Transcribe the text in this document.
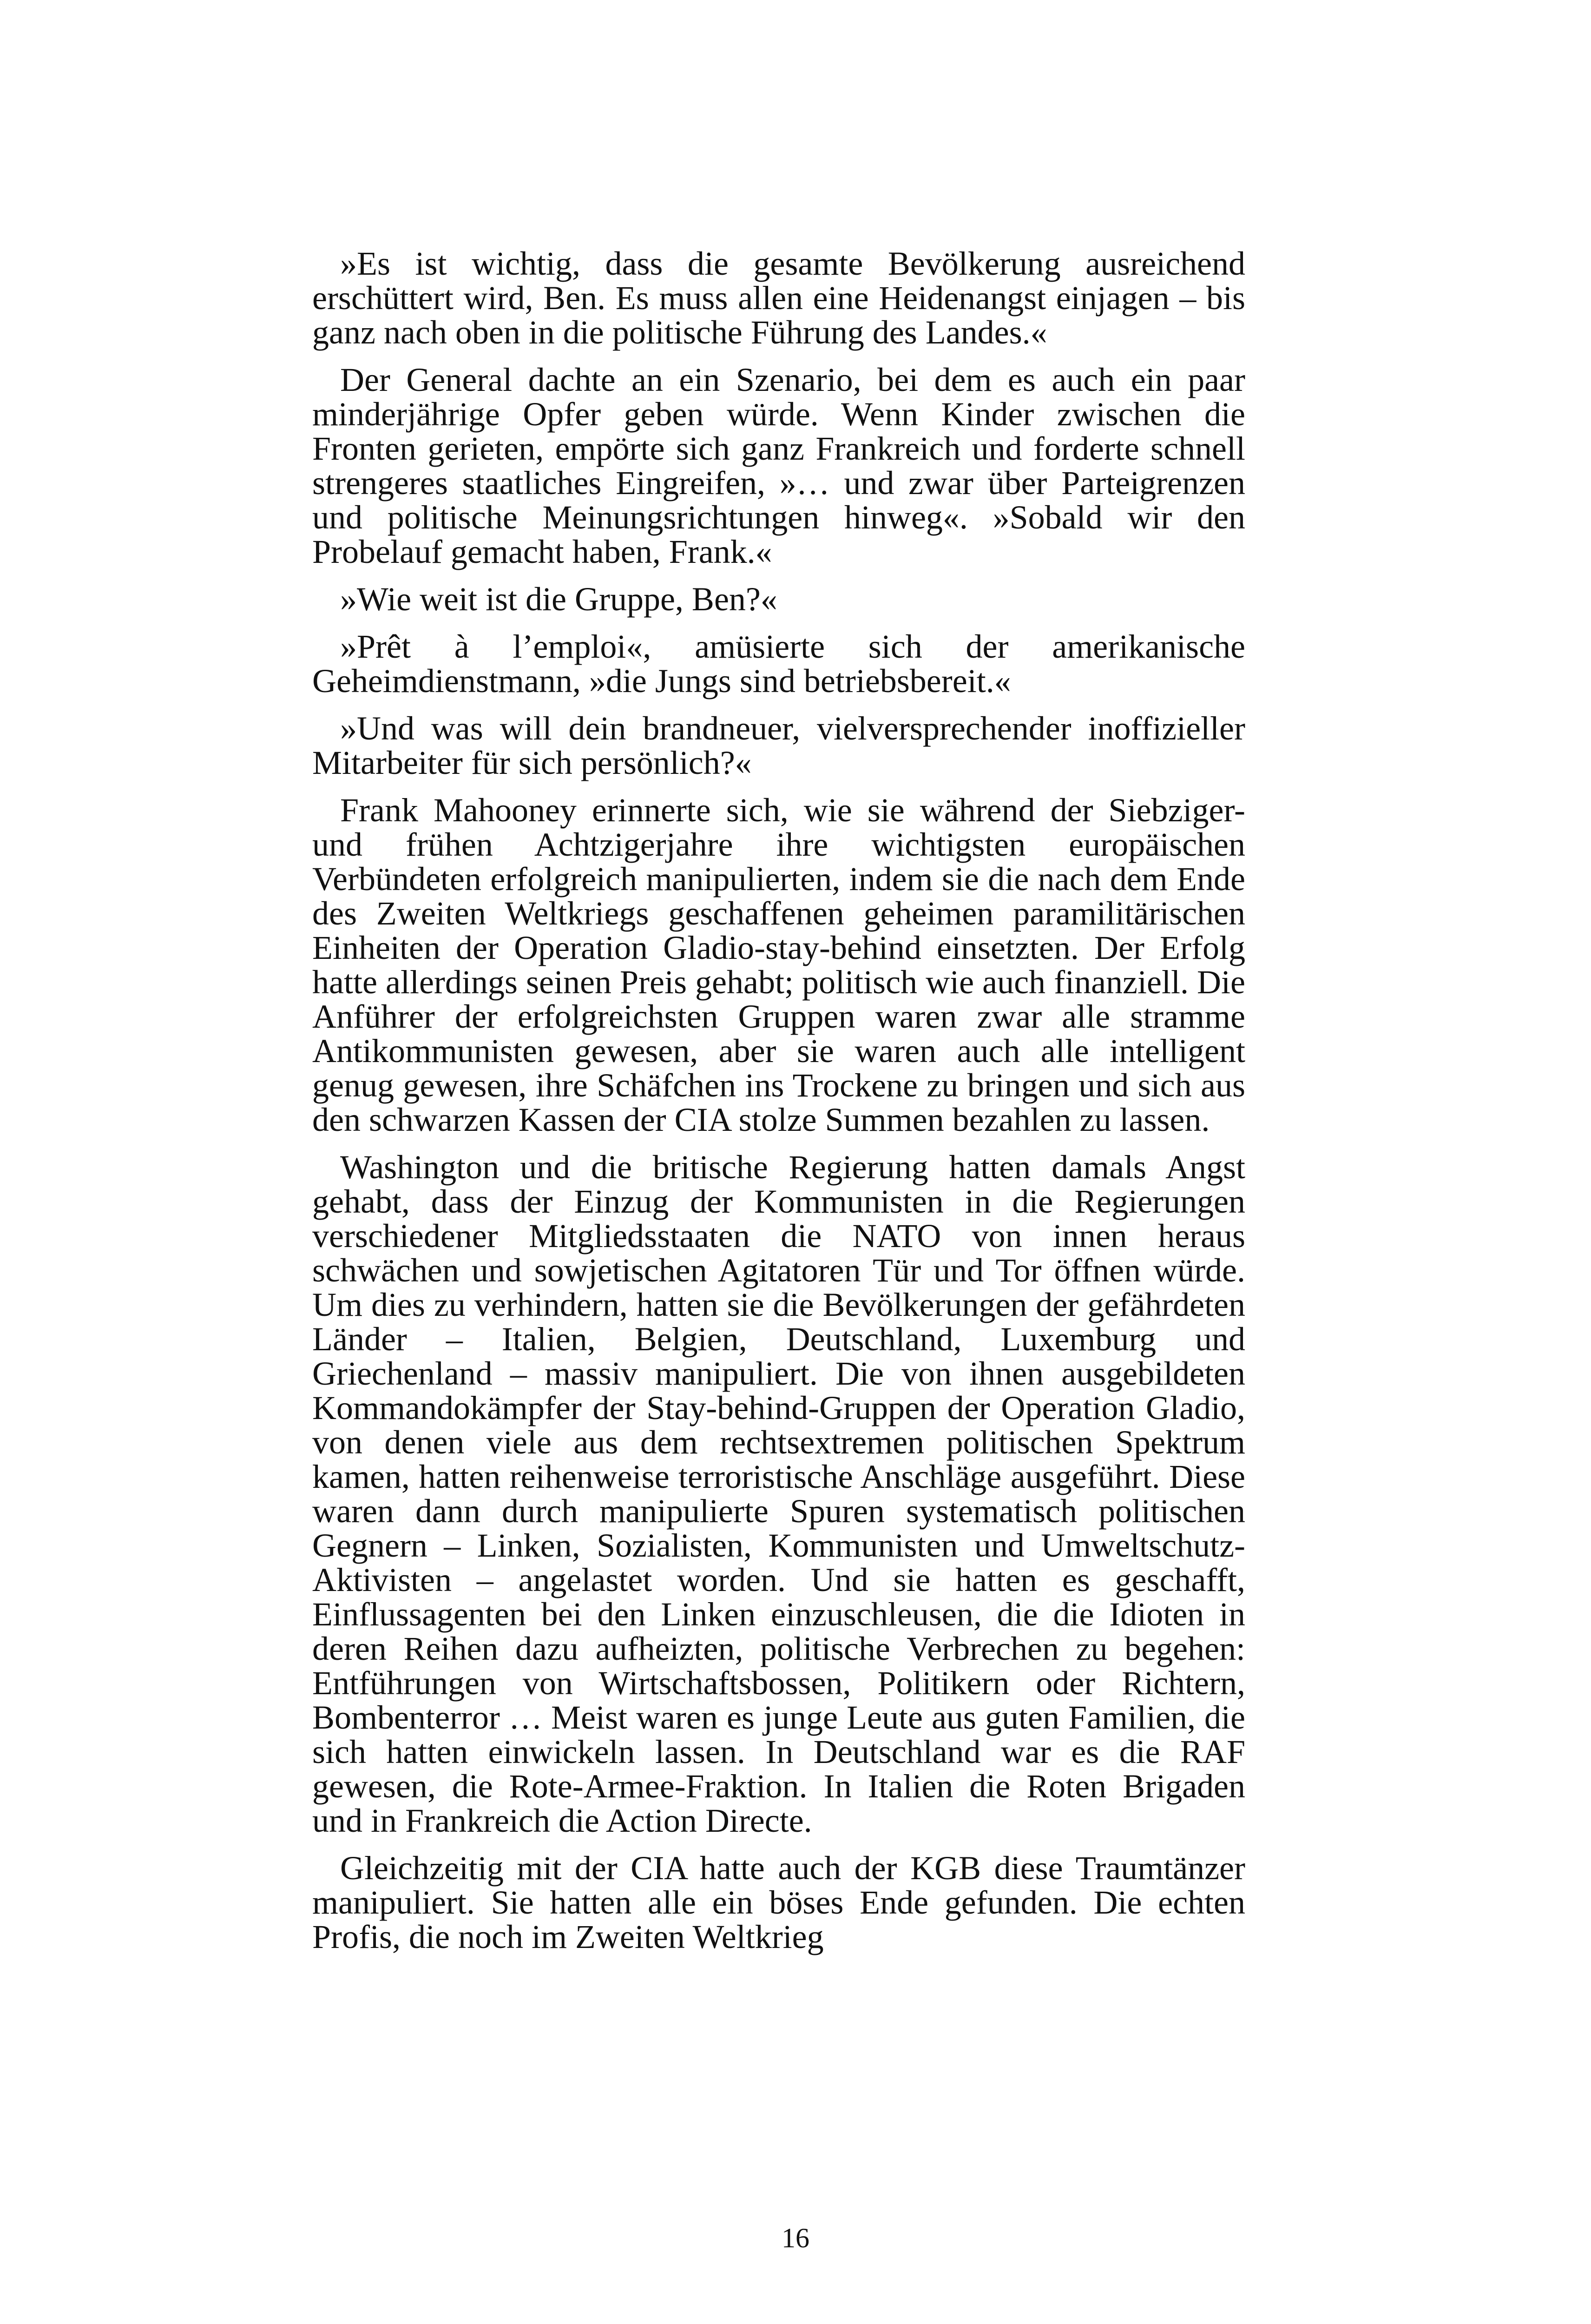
»Es ist wichtig, dass die gesamte Bevölkerung ausreichend erschüttert wird, Ben. Es muss allen eine Heidenangst einjagen – bis ganz nach oben in die politische Führung des Landes.«

Der General dachte an ein Szenario, bei dem es auch ein paar minderjährige Opfer geben würde. Wenn Kinder zwischen die Fronten gerieten, empörte sich ganz Frankreich und forderte schnell strengeres staatliches Eingreifen, »… und zwar über Parteigrenzen und politische Meinungsrichtungen hinweg«. »Sobald wir den Probelauf gemacht haben, Frank.«

»Wie weit ist die Gruppe, Ben?«

»Prêt à l’emploi«, amüsierte sich der amerikanische Geheimdienstmann, »die Jungs sind betriebsbereit.«

»Und was will dein brandneuer, vielversprechender inoffizieller Mitarbeiter für sich persönlich?«

Frank Mahooney erinnerte sich, wie sie während der Siebziger- und frühen Achtzigerjahre ihre wichtigsten europäischen Verbündeten erfolgreich manipulierten, indem sie die nach dem Ende des Zweiten Weltkriegs geschaffenen geheimen paramilitärischen Einheiten der Operation Gladio-stay-behind einsetzten. Der Erfolg hatte allerdings seinen Preis gehabt; politisch wie auch finanziell. Die Anführer der erfolgreichsten Gruppen waren zwar alle stramme Antikommunisten gewesen, aber sie waren auch alle intelligent genug gewesen, ihre Schäfchen ins Trockene zu bringen und sich aus den schwarzen Kassen der CIA stolze Summen bezahlen zu lassen.

Washington und die britische Regierung hatten damals Angst gehabt, dass der Einzug der Kommunisten in die Regierungen verschiedener Mitgliedsstaaten die NATO von innen heraus schwächen und sowjetischen Agitatoren Tür und Tor öffnen würde. Um dies zu verhindern, hatten sie die Bevölkerungen der gefährdeten Länder – Italien, Belgien, Deutschland, Luxemburg und Griechenland – massiv manipuliert. Die von ihnen ausgebildeten Kommandokämpfer der Stay-behind-Gruppen der Operation Gladio, von denen viele aus dem rechtsextremen politischen Spektrum kamen, hatten reihenweise terroristische Anschläge ausgeführt. Diese waren dann durch manipulierte Spuren systematisch politischen Gegnern – Linken, Sozialisten, Kommunisten und Umweltschutz-Aktivisten – angelastet worden. Und sie hatten es geschafft, Einflussagenten bei den Linken einzuschleusen, die die Idioten in deren Reihen dazu aufheizten, politische Verbrechen zu begehen: Entführungen von Wirtschaftsbossen, Politikern oder Richtern, Bombenterror … Meist waren es junge Leute aus guten Familien, die sich hatten einwickeln lassen. In Deutschland war es die RAF gewesen, die Rote-Armee-Fraktion. In Italien die Roten Brigaden und in Frankreich die Action Directe.

Gleichzeitig mit der CIA hatte auch der KGB diese Traumtänzer manipuliert. Sie hatten alle ein böses Ende gefunden. Die echten Profis, die noch im Zweiten Weltkrieg

16
